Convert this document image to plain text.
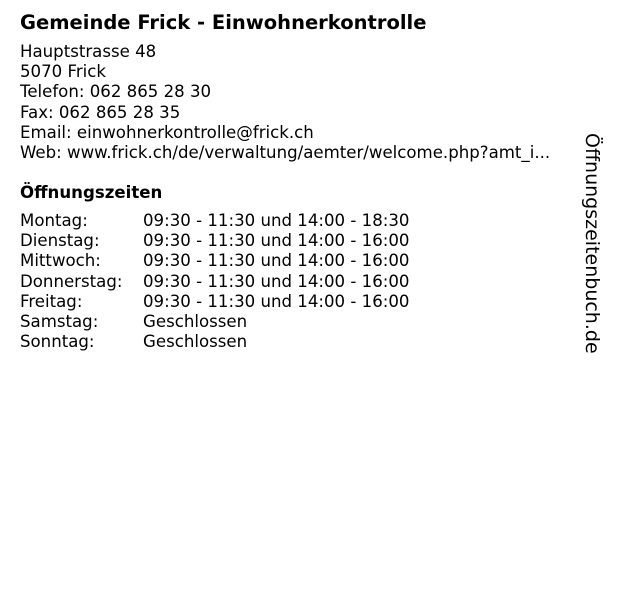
Gemeinde Frick - Einwohnerkontrolle
Hauptstrasse 48
5070 Frick
Telefon: 062 865 28 30
Fax: 062 865 28 35
Email: einwohnerkontrolle@frick.ch
Web: www.frick.ch/de/verwaltung/aemter/welcome.php?amt_i...
Öffnungszeiten
Montag:	09:30 - 11:30 und 14:00 - 18:30
Dienstag:	09:30 - 11:30 und 14:00 - 16:00
Mittwoch:	09:30 - 11:30 und 14:00 - 16:00
Donnerstag:	09:30 - 11:30 und 14:00 - 16:00
Freitag:	09:30 - 11:30 und 14:00 - 16:00
Samstag:	Geschlossen
Sonntag:	Geschlossen	Öffnungszeitenbuch.de
